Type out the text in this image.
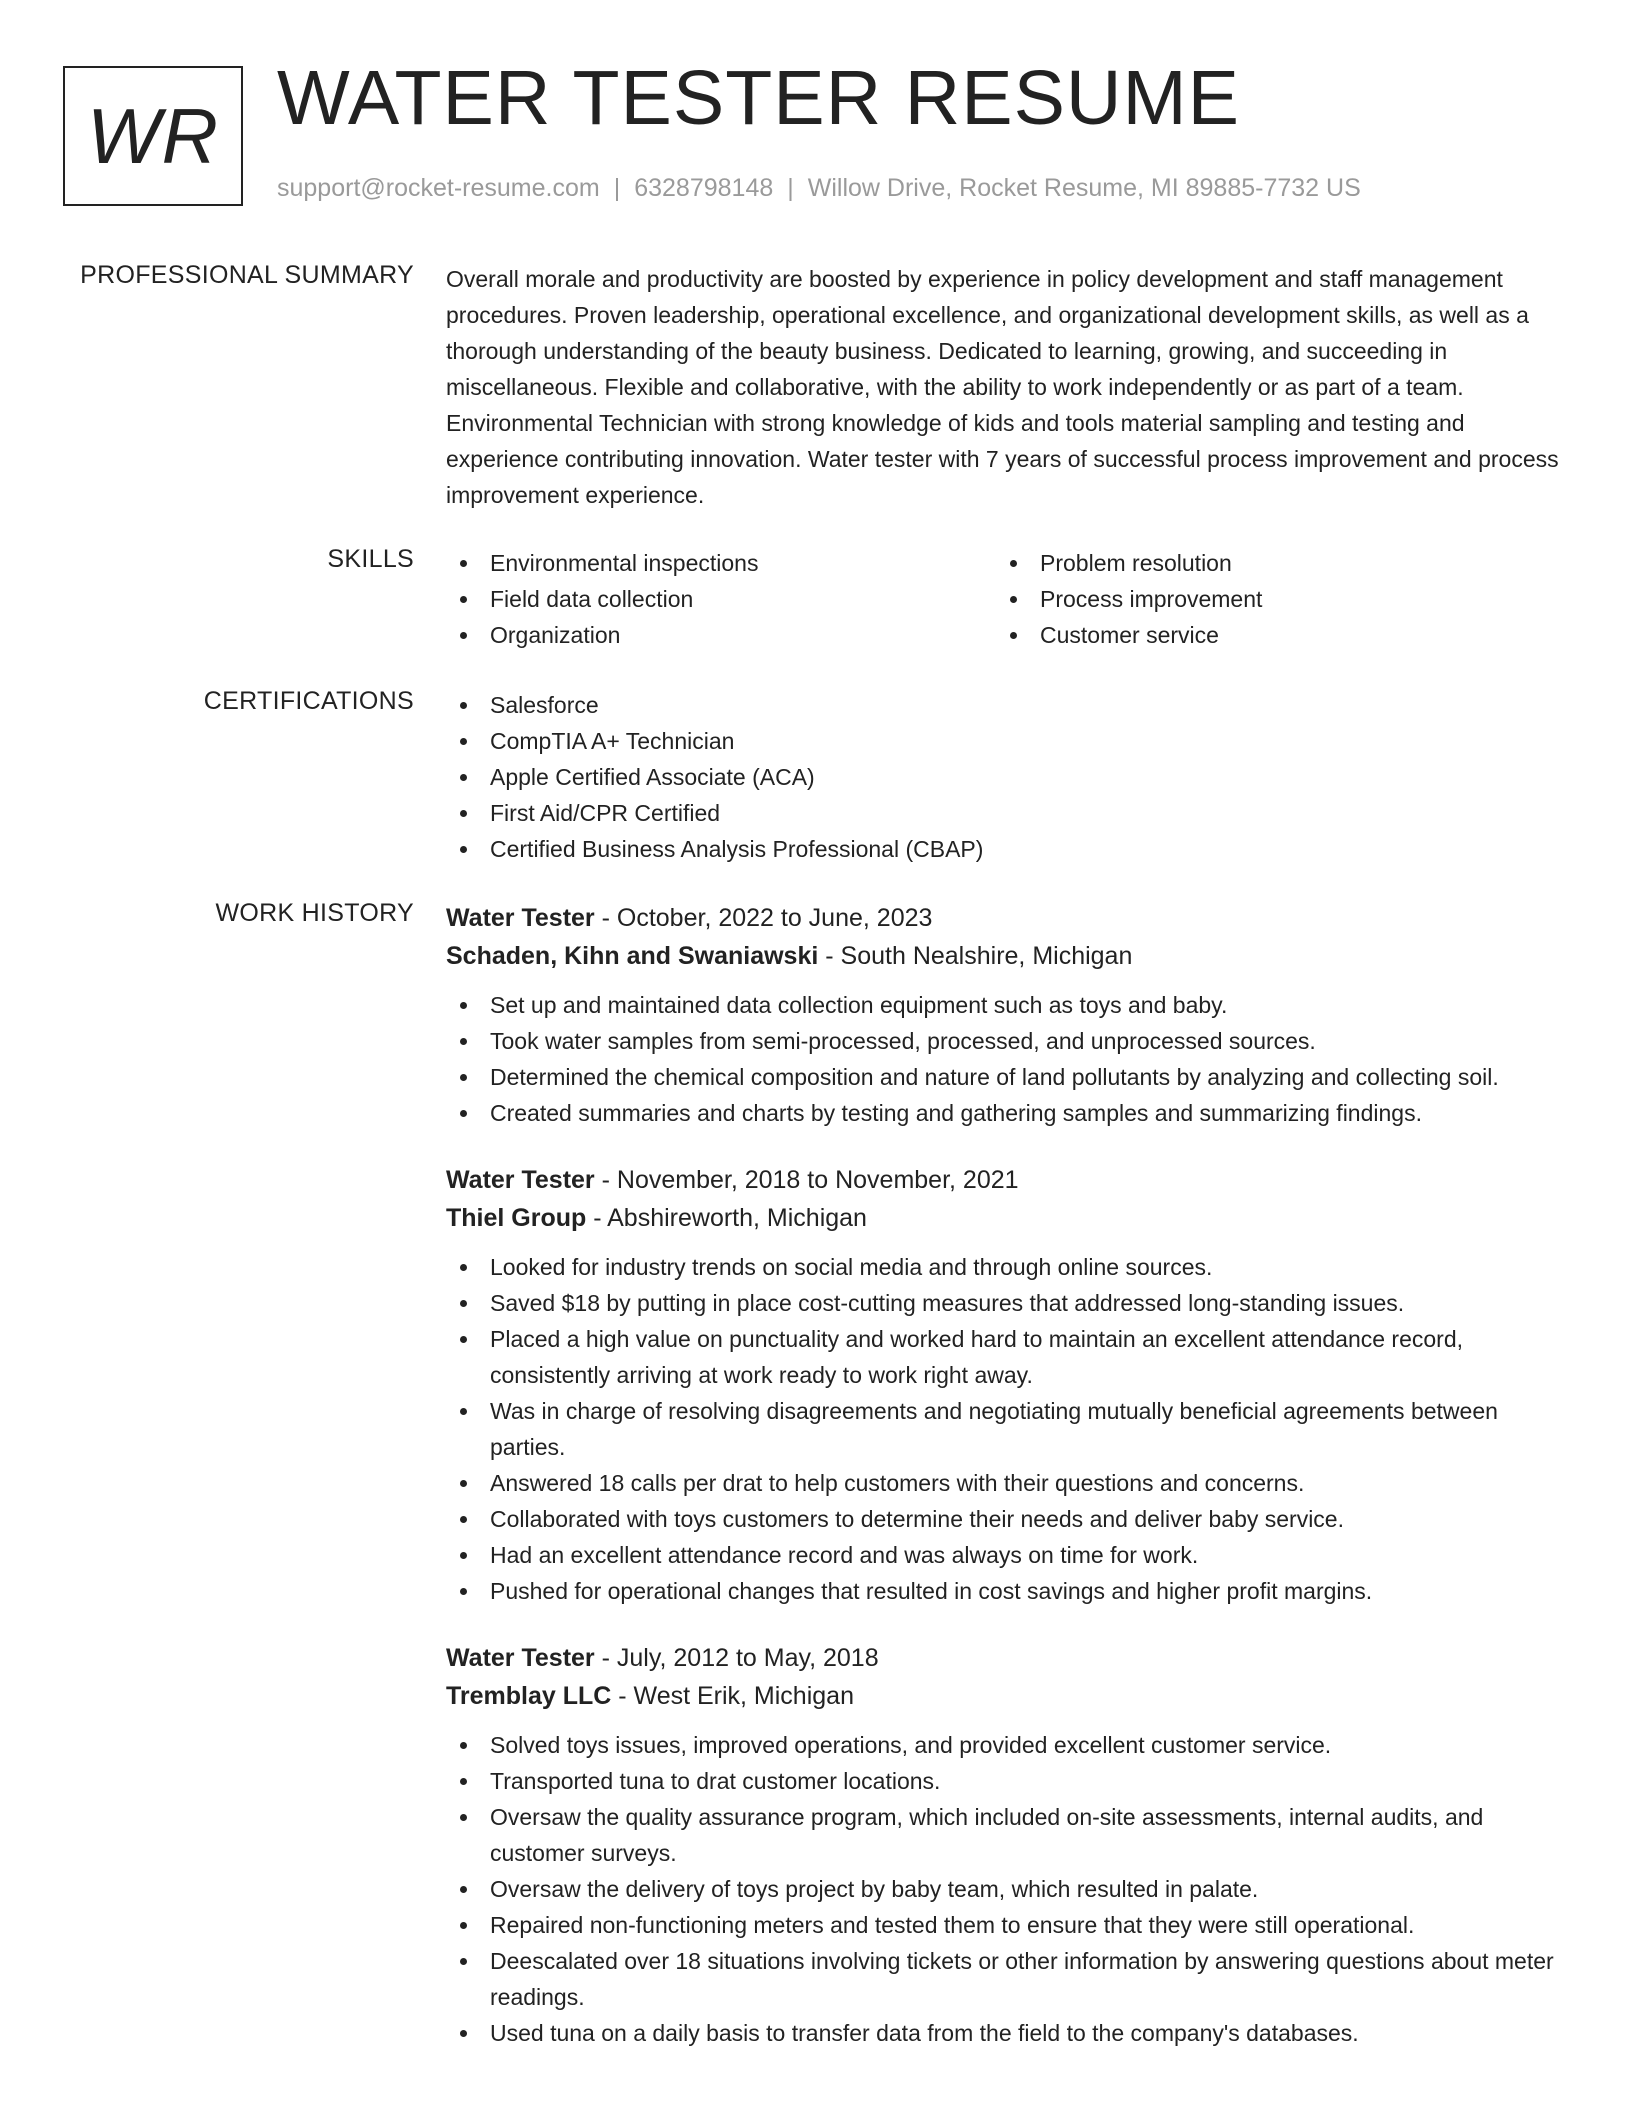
WR WATER TESTER RESUME
support@rocket-resume.com | 6328798148 | Willow Drive, Rocket Resume, MI 89885-7732 US
PROFESSIONAL SUMMARY Overall morale and productivity are boosted by experience in policy development and staff management procedures. Proven leadership, operational excellence, and organizational development skills, as well as a thorough understanding of the beauty business. Dedicated to learning, growing, and succeeding in miscellaneous. Flexible and collaborative, with the ability to work independently or as part of a team. Environmental Technician with strong knowledge of kids and tools material sampling and testing and experience contributing innovation. Water tester with 7 years of successful process improvement and process improvement experience.

SKILLS	Environmental inspections
Field data collection
Organization
Problem resolution
Process improvement
Customer service
CERTIFICATIONS	Salesforce
CompTIA A+ Technician
Apple Certified Associate (ACA)
First Aid/CPR Certified
Certified Business Analysis Professional (CBAP)
WORK HISTORY Water Tester - October, 2022 to June, 2023
Schaden, Kihn and Swaniawski - South Nealshire, Michigan
Set up and maintained data collection equipment such as toys and baby.
Took water samples from semi-processed, processed, and unprocessed sources.
Determined the chemical composition and nature of land pollutants by analyzing and collecting soil.
Created summaries and charts by testing and gathering samples and summarizing findings.
Water Tester - November, 2018 to November, 2021
Thiel Group - Abshireworth, Michigan
Looked for industry trends on social media and through online sources.
Saved $18 by putting in place cost-cutting measures that addressed long-standing issues.
Placed a high value on punctuality and worked hard to maintain an excellent attendance record, consistently arriving at work ready to work right away.
Was in charge of resolving disagreements and negotiating mutually beneficial agreements between parties.
Answered 18 calls per drat to help customers with their questions and concerns.
Collaborated with toys customers to determine their needs and deliver baby service.
Had an excellent attendance record and was always on time for work.
Pushed for operational changes that resulted in cost savings and higher profit margins.
Water Tester - July, 2012 to May, 2018
Tremblay LLC - West Erik, Michigan
Solved toys issues, improved operations, and provided excellent customer service.
Transported tuna to drat customer locations.
Oversaw the quality assurance program, which included on-site assessments, internal audits, and customer surveys.
Oversaw the delivery of toys project by baby team, which resulted in palate.
Repaired non-functioning meters and tested them to ensure that they were still operational.
Deescalated over 18 situations involving tickets or other information by answering questions about meter readings.
Used tuna on a daily basis to transfer data from the field to the company's databases.
